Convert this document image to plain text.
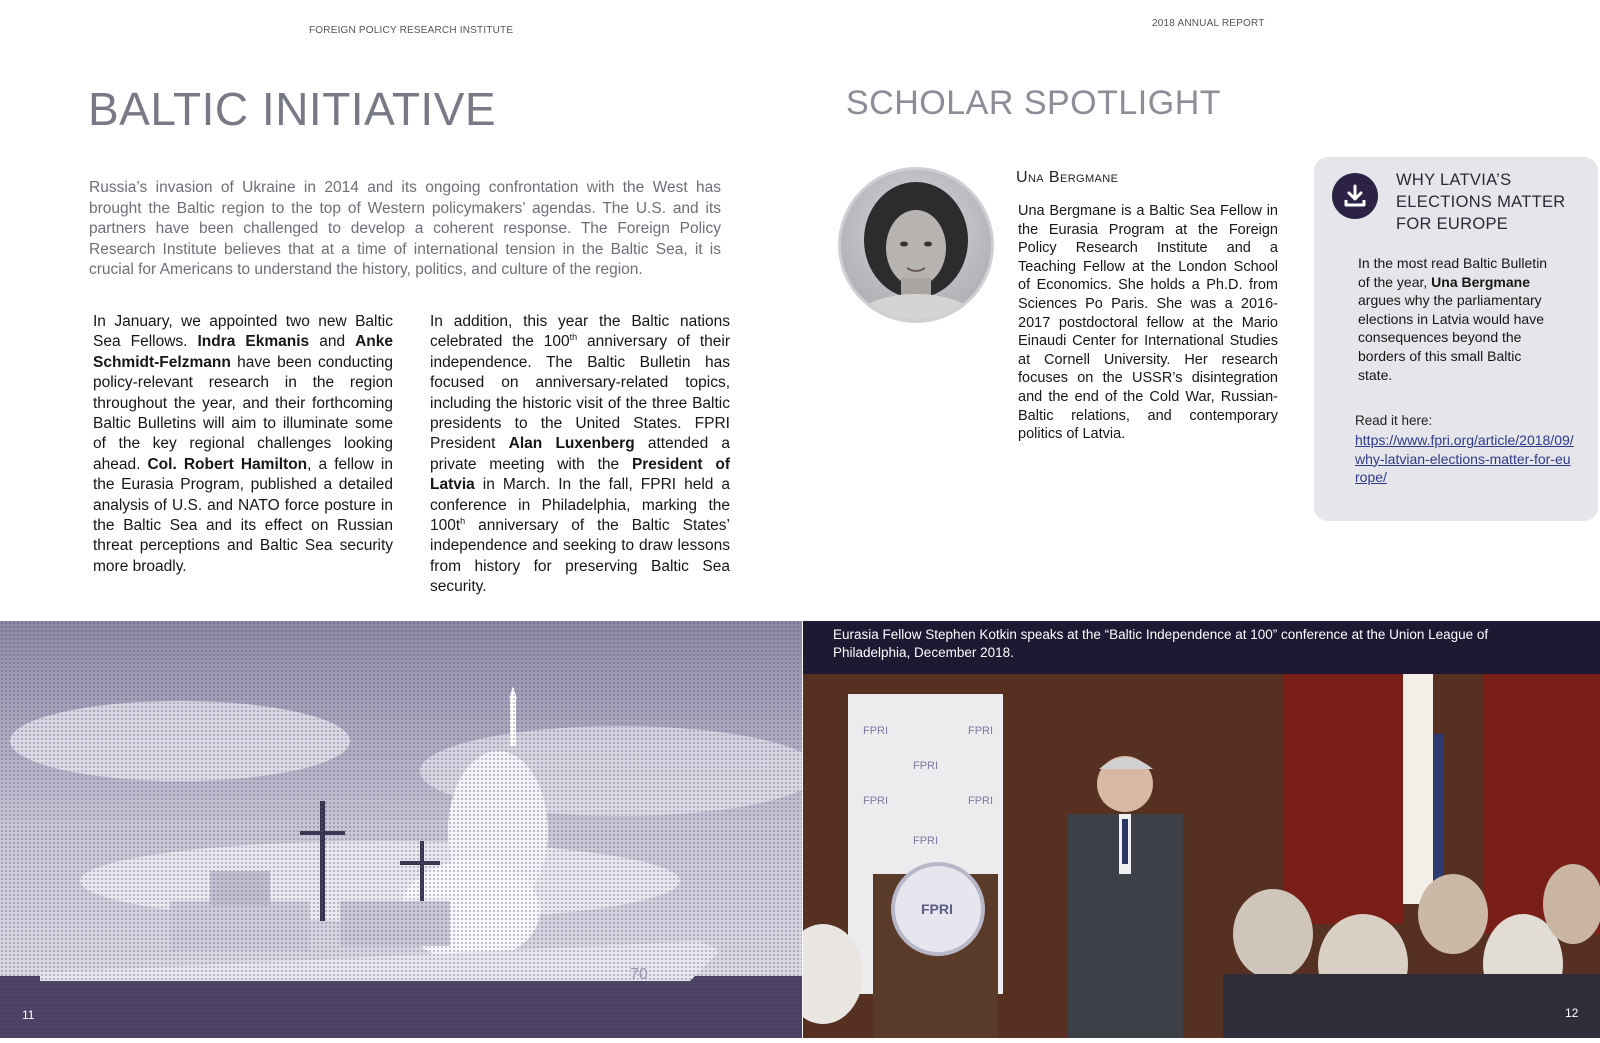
FOREIGN POLICY RESEARCH INSTITUTE
2018 ANNUAL REPORT
BALTIC INITIATIVE
Russia’s invasion of Ukraine in 2014 and its ongoing confrontation with the West has brought the Baltic region to the top of Western policymakers’ agendas. The U.S. and its partners have been challenged to develop a coherent response. The Foreign Policy Research Institute believes that at a time of international tension in the Baltic Sea, it is crucial for Americans to understand the history, politics, and culture of the region.
In January, we appointed two new Baltic Sea Fellows. Indra Ekmanis and Anke Schmidt-Felzmann have been conducting policy-relevant research in the region throughout the year, and their forthcoming Baltic Bulletins will aim to illuminate some of the key regional challenges looking ahead. Col. Robert Hamilton, a fellow in the Eurasia Program, published a detailed analysis of U.S. and NATO force posture in the Baltic Sea and its effect on Russian threat perceptions and Baltic Sea security more broadly.
In addition, this year the Baltic nations celebrated the 100th anniversary of their independence. The Baltic Bulletin has focused on anniversary-related topics, including the historic visit of the three Baltic presidents to the United States. FPRI President Alan Luxenberg attended a private meeting with the President of Latvia in March. In the fall, FPRI held a conference in Philadelphia, marking the $100t^h$ anniversary of the Baltic States’ independence and seeking to draw lessons from history for preserving Baltic Sea security.
SCHOLAR SPOTLIGHT
Una Bergmane

Una Bergmane is a Baltic Sea Fellow in the Eurasia Program at the Foreign Policy Research Institute and a Teaching Fellow at the London School of Economics. She holds a Ph.D. from Sciences Po Paris. She was a 2016-2017 postdoctoral fellow at the Mario Einaudi Center for International Studies at Cornell University. Her research focuses on the USSR’s disintegration and the end of the Cold War, Russian-Baltic relations, and contemporary politics of Latvia.

WHY LATVIA’S
ELECTIONS MATTER
FOR EUROPE

In the most read Baltic Bulletin of the year, Una Bergmane argues why the parliamentary elections in Latvia would have consequences beyond the borders of this small Baltic state.

Read it here:
https://www.fpri.org/article/2018/09/why-latvian-elections-matter-for-europe/
70
11
Eurasia Fellow Stephen Kotkin speaks at the “Baltic Independence at 100” conference at the Union League of Philadelphia, December 2018.
FPRI	FPRI
FPRI
FPRI	FPRI
FPRI
FPRI
12
